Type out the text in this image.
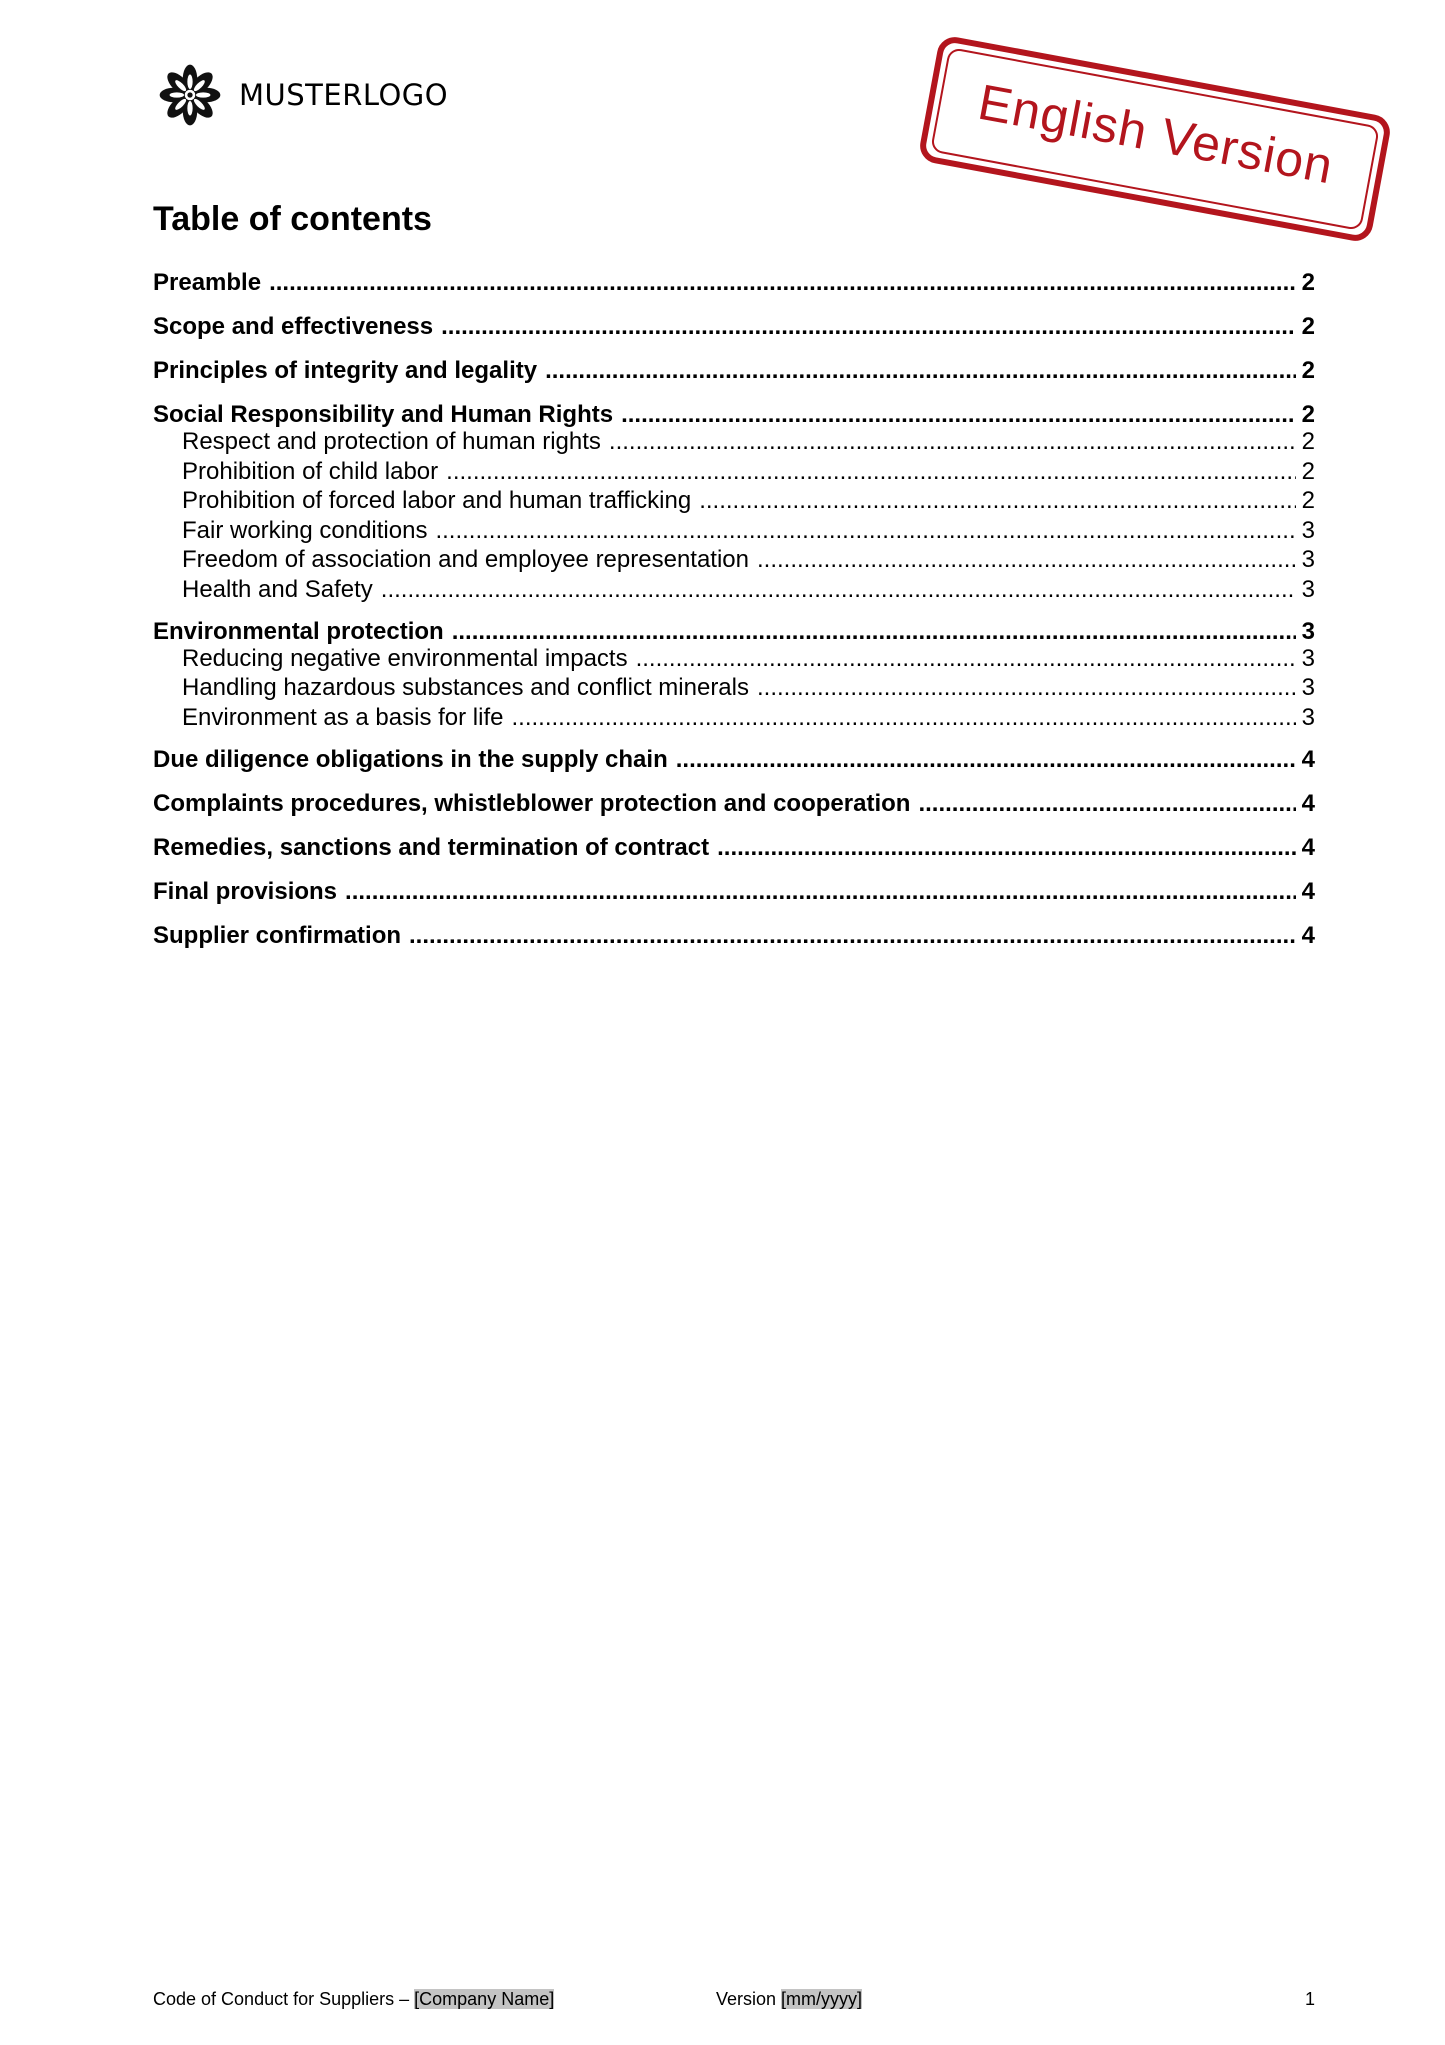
MUSTERLOGO	English Version
Table of contents
Preamble .....	2
Scope and effectiveness .....	2
Principles of integrity and legality .....	2
Social Responsibility and Human Rights .....	2
Respect and protection of human rights .....	2
Prohibition of child labor .....	2
Prohibition of forced labor and human trafficking .....	2
Fair working conditions .....	3
Freedom of association and employee representation .....	3
Health and Safety .....	3
Environmental protection .....	3
Reducing negative environmental impacts .....	3
Handling hazardous substances and conflict minerals .....	3
Environment as a basis for life .....	3
Due diligence obligations in the supply chain .....	4
Complaints procedures, whistleblower protection and cooperation .....	4
Remedies, sanctions and termination of contract .....	4
Final provisions .....	4
Supplier confirmation .....	4
Code of Conduct for Suppliers – [Company Name]	Version [mm/yyyy]	1
